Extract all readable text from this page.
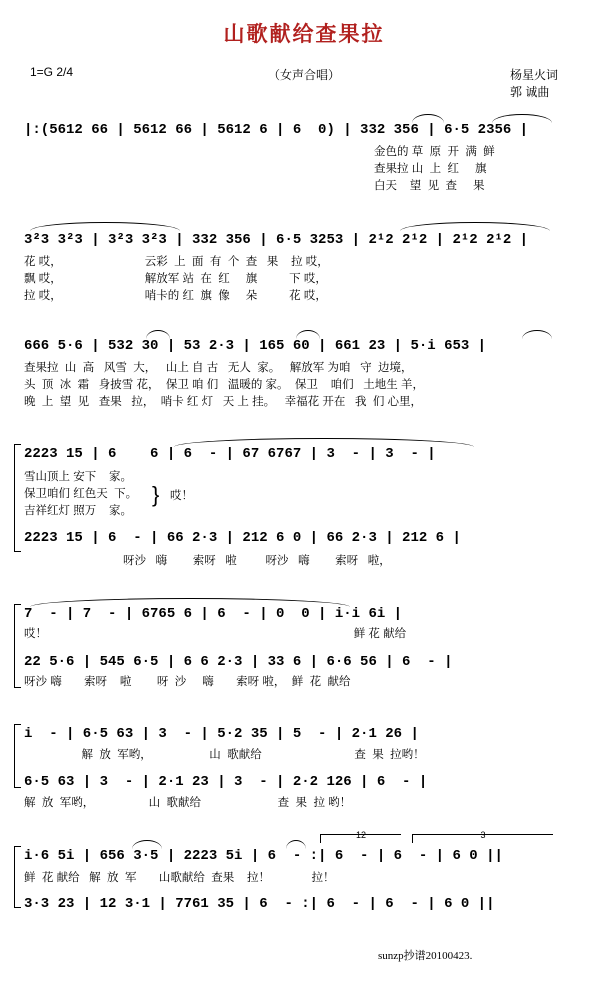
山歌献给查果拉
1=G 2/4	（女声合唱）	杨星火词
郭 诚曲
|:(5612 66 | 5612 66 | 5612 6 | 6  0) | 332 356 | 6·5 2356 |
金色的 草  原  开  满  鲜
查果拉 山  上  红     旗
白天    望  见  查     果
3²3 3²3 | 3²3 3²3 | 332 356 | 6·5 3253 | 2¹2 2¹2 | 2¹2 2¹2 |
花 哎，                          云彩  上  面  有  个  查   果    拉 哎，
飘 哎，                          解放军 站  在  红     旗          下 哎，
拉 哎，                          哨卡的 红  旗  像     朵          花 哎，
666 5·6 | 532 30 | 53 2·3 | 165 60 | 661 23 | 5·i 653 |
查果拉  山  高   风雪  大，   山上 自 古   无人  家。   解放军 为咱   守  边境，
头  顶  冰  霜   身披雪 花，  保卫 咱 们   温暖的 家。  保卫    咱们   土地生 羊，
晚  上  望  见   查果   拉，  哨卡 红 灯   天 上 挂。   幸福花 开在   我  们 心里，
2223 15 | 6    6 | 6  - | 67 6767 | 3  - | 3  - |
雪山顶上 安下    家。
保卫咱们 红色天  下。
吉祥红灯 照万    家。
} 哎！
2223 15 | 6  - | 66 2·3 | 212 6 0 | 66 2·3 | 212 6 |
呀沙   嗨        索呀   啦         呀沙   嗨        索呀   啦，
7  - | 7  - | 6765 6 | 6  - | 0  0 | i·i 6i |
哎！                                                                                                鲜 花 献给
22 5·6 | 545 6·5 | 6 6 2·3 | 33 6 | 6·6 56 | 6  - |
呀沙 嗨       索呀    啦        呀  沙     嗨       索呀 啦，  鲜  花  献给
i  - | 6·5 63 | 3  - | 5·2 35 | 5  - | 2·1 26 |
解  放  军哟，                  山  歌献给                             查  果  拉哟！
6·5 63 | 3  - | 2·1 23 | 3  - | 2·2 126 | 6  - |
解  放  军哟，                 山  歌献给                        查  果  拉 哟！
12	3
i·6 5i | 656 3·5 | 2223 5i | 6  - :| 6  - | 6  - | 6 0 ||
鲜  花 献给   解  放  军       山歌献给  查果    拉！             拉！
3·3 23 | 12 3·1 | 7761 35 | 6  - :| 6  - | 6  - | 6 0 ||
sunzp抄谱20100423.
